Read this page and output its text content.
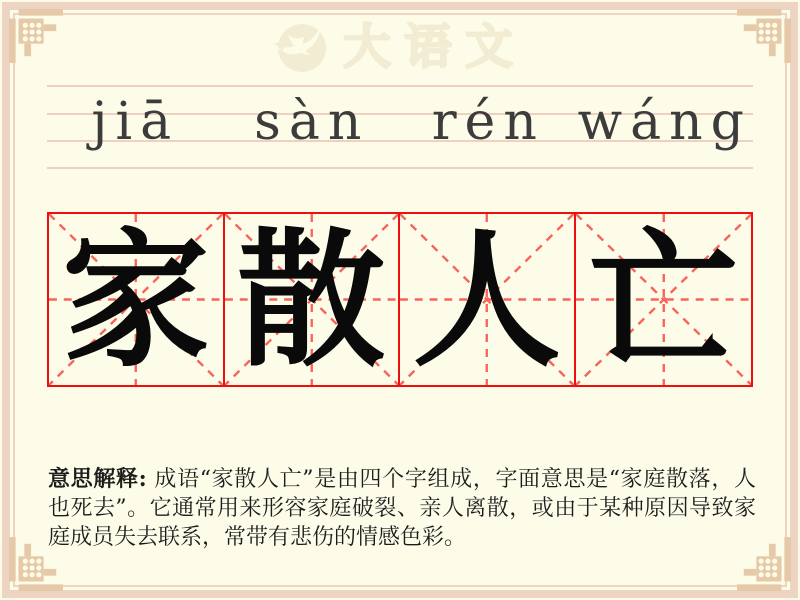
大语文
jiā	sàn	rén wáng
家 散 人 亡

意思解释: 成语“家散人亡”是由四个字组成，字面意思是“家庭散落，人也死去”。它通常用来形容家庭破裂、亲人离散，或由于某种原因导致家庭成员失去联系，常带有悲伤的情感色彩。
